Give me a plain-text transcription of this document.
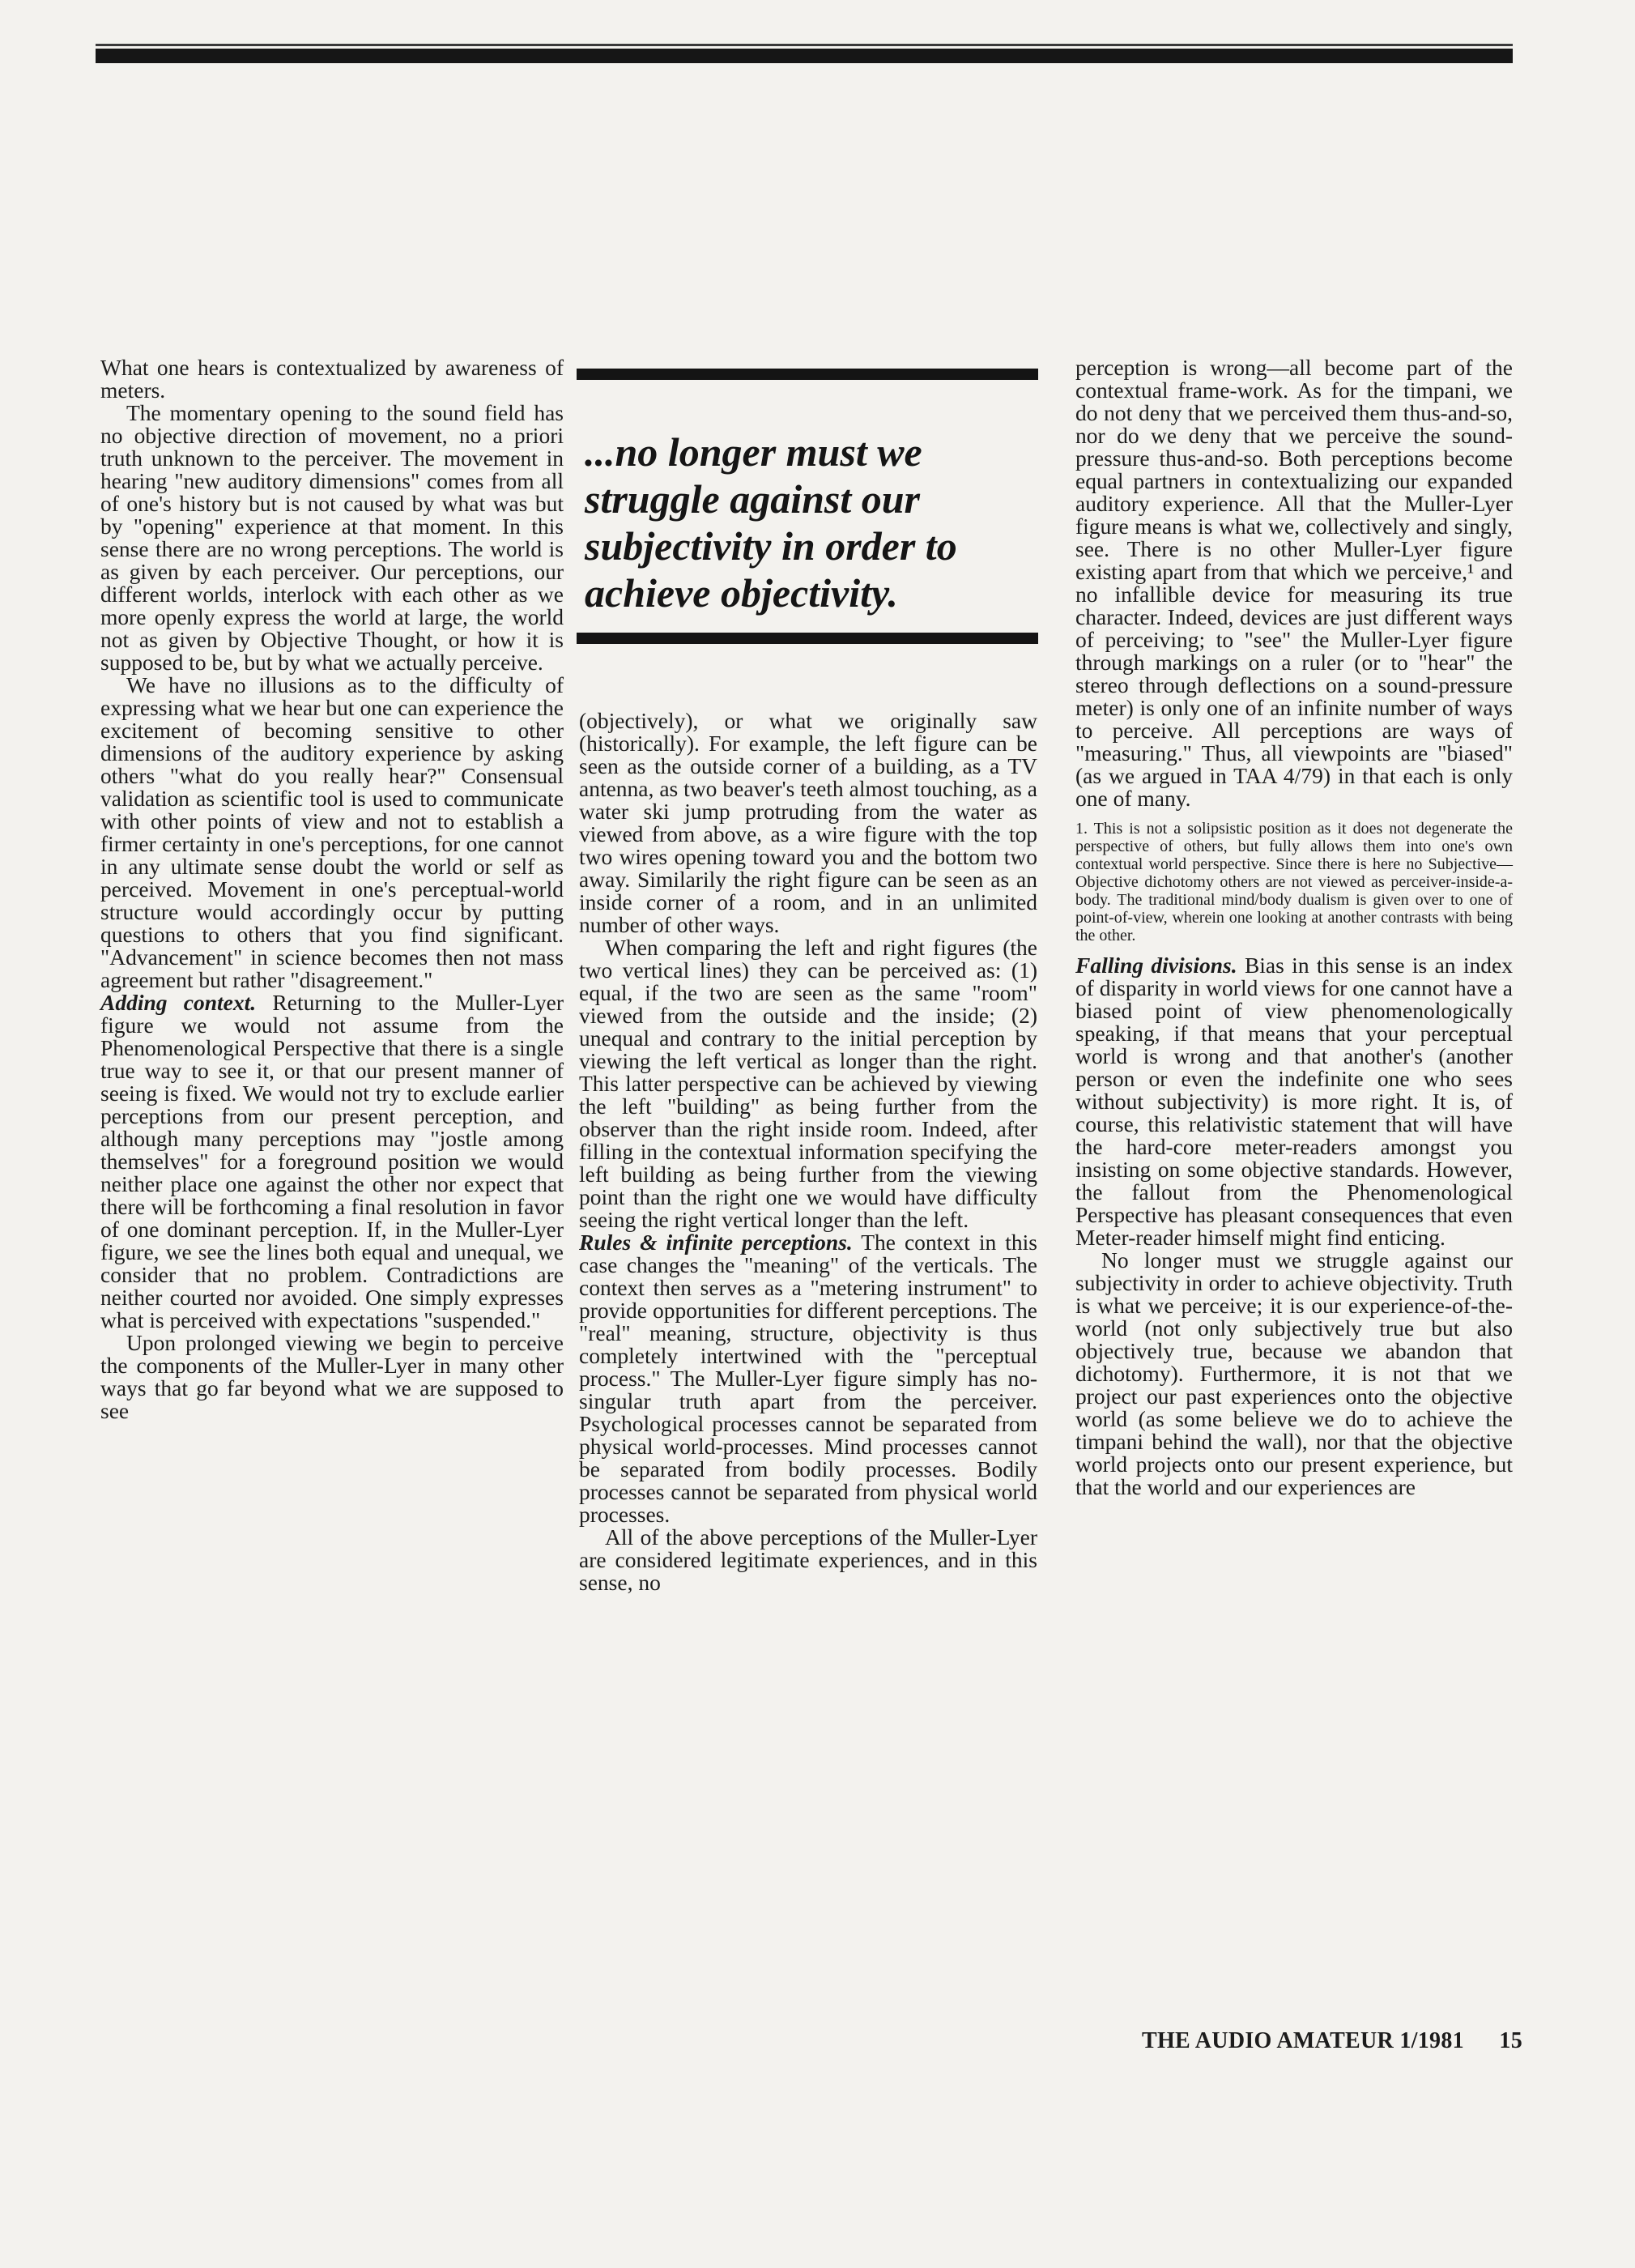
What one hears is contextualized by awareness of meters.

The momentary opening to the sound field has no objective direction of movement, no a priori truth unknown to the perceiver. The movement in hearing "new auditory dimensions" comes from all of one's history but is not caused by what was but by "opening" experience at that moment. In this sense there are no wrong perceptions. The world is as given by each perceiver. Our perceptions, our different worlds, interlock with each other as we more openly express the world at large, the world not as given by Objective Thought, or how it is supposed to be, but by what we actually perceive.

We have no illusions as to the difficulty of expressing what we hear but one can experience the excitement of becoming sensitive to other dimensions of the auditory experience by asking others "what do you really hear?" Consensual validation as scientific tool is used to communicate with other points of view and not to establish a firmer certainty in one's perceptions, for one cannot in any ultimate sense doubt the world or self as perceived. Movement in one's perceptual-world structure would accordingly occur by putting questions to others that you find significant. "Advancement" in science becomes then not mass agreement but rather "disagreement."

Adding context. Returning to the Muller-Lyer figure we would not assume from the Phenomenological Perspective that there is a single true way to see it, or that our present manner of seeing is fixed. We would not try to exclude earlier perceptions from our present perception, and although many perceptions may "jostle among themselves" for a foreground position we would neither place one against the other nor expect that there will be forthcoming a final resolution in favor of one dominant perception. If, in the Muller-Lyer figure, we see the lines both equal and unequal, we consider that no problem. Contradictions are neither courted nor avoided. One simply expresses what is perceived with expectations "suspended."

Upon prolonged viewing we begin to perceive the components of the Muller-Lyer in many other ways that go far beyond what we are supposed to see

...no longer must we struggle against our subjectivity in order to achieve objectivity.

(objectively), or what we originally saw (historically). For example, the left figure can be seen as the outside corner of a building, as a TV antenna, as two beaver's teeth almost touching, as a water ski jump protruding from the water as viewed from above, as a wire figure with the top two wires opening toward you and the bottom two away. Similarily the right figure can be seen as an inside corner of a room, and in an unlimited number of other ways.

When comparing the left and right figures (the two vertical lines) they can be perceived as: (1) equal, if the two are seen as the same "room" viewed from the outside and the inside; (2) unequal and contrary to the initial perception by viewing the left vertical as longer than the right. This latter perspective can be achieved by viewing the left "building" as being further from the observer than the right inside room. Indeed, after filling in the contextual information specifying the left building as being further from the viewing point than the right one we would have difficulty seeing the right vertical longer than the left.

Rules & infinite perceptions. The context in this case changes the "meaning" of the verticals. The context then serves as a "metering instrument" to provide opportunities for different perceptions. The "real" meaning, structure, objectivity is thus completely intertwined with the "perceptual process." The Muller-Lyer figure simply has no-singular truth apart from the perceiver. Psychological processes cannot be separated from physical world-processes. Mind processes cannot be separated from bodily processes. Bodily processes cannot be separated from physical world processes.

All of the above perceptions of the Muller-Lyer are considered legitimate experiences, and in this sense, no

perception is wrong—all become part of the contextual frame-work. As for the timpani, we do not deny that we perceived them thus-and-so, nor do we deny that we perceive the sound-pressure thus-and-so. Both perceptions become equal partners in contextualizing our expanded auditory experience. All that the Muller-Lyer figure means is what we, collectively and singly, see. There is no other Muller-Lyer figure existing apart from that which we perceive,¹ and no infallible device for measuring its true character. Indeed, devices are just different ways of perceiving; to "see" the Muller-Lyer figure through markings on a ruler (or to "hear" the stereo through deflections on a sound-pressure meter) is only one of an infinite number of ways to perceive. All perceptions are ways of "measuring." Thus, all viewpoints are "biased" (as we argued in TAA 4/79) in that each is only one of many.

1. This is not a solipsistic position as it does not degenerate the perspective of others, but fully allows them into one's own contextual world perspective. Since there is here no Subjective—Objective dichotomy others are not viewed as perceiver-inside-a-body. The traditional mind/body dualism is given over to one of point-of-view, wherein one looking at another contrasts with being the other.

Falling divisions. Bias in this sense is an index of disparity in world views for one cannot have a biased point of view phenomenologically speaking, if that means that your perceptual world is wrong and that another's (another person or even the indefinite one who sees without subjectivity) is more right. It is, of course, this relativistic statement that will have the hard-core meter-readers amongst you insisting on some objective standards. However, the fallout from the Phenomenological Perspective has pleasant consequences that even Meter-reader himself might find enticing.

No longer must we struggle against our subjectivity in order to achieve objectivity. Truth is what we perceive; it is our experience-of-the-world (not only subjectively true but also objectively true, because we abandon that dichotomy). Furthermore, it is not that we project our past experiences onto the objective world (as some believe we do to achieve the timpani behind the wall), nor that the objective world projects onto our present experience, but that the world and our experiences are

THE AUDIO AMATEUR 1/1981 15
